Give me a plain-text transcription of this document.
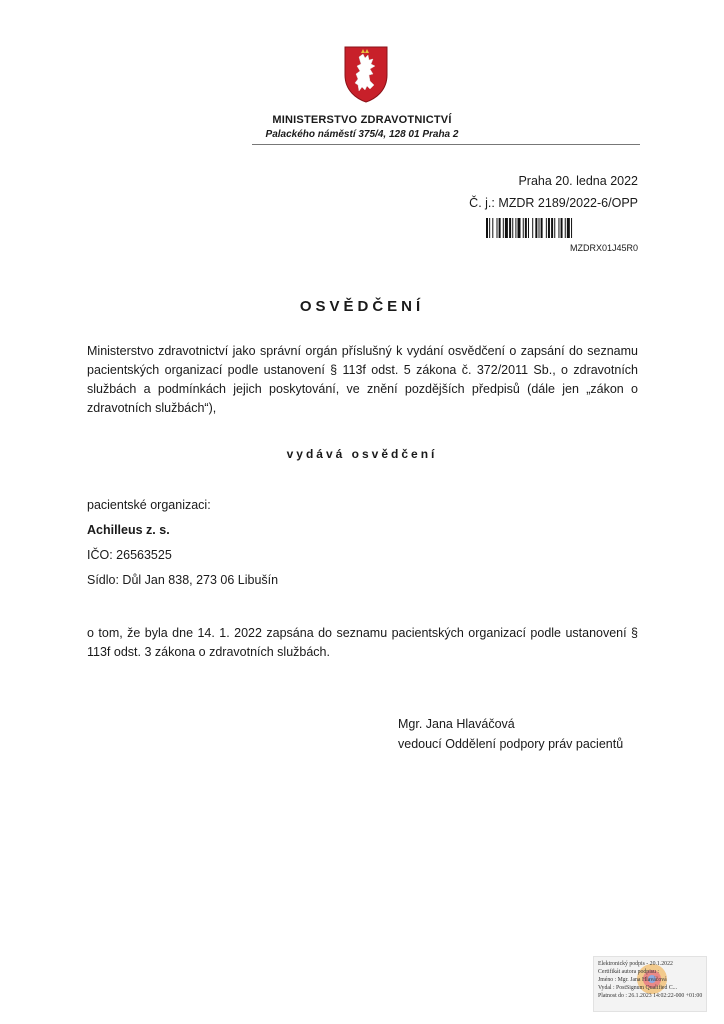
MINISTERSTVO ZDRAVOTNICTVÍ
Palackého náměstí 375/4, 128 01 Praha 2
Praha 20. ledna 2022
Č. j.: MZDR 2189/2022-6/OPP
MZDRX01J45R0
OSVĚDČENÍ
Ministerstvo zdravotnictví jako správní orgán příslušný k vydání osvědčení o zapsání do seznamu pacientských organizací podle ustanovení § 113f odst. 5 zákona č. 372/2011 Sb., o zdravotních službách a podmínkách jejich poskytování, ve znění pozdějších předpisů (dále jen „zákon o zdravotních službách“),
vydává osvědčení
pacientské organizaci:
Achilleus z. s.
IČO: 26563525
Sídlo: Důl Jan 838, 273 06 Libušín
o tom, že byla dne 14. 1. 2022 zapsána do seznamu pacientských organizací podle ustanovení § 113f odst. 3 zákona o zdravotních službách.
Mgr. Jana Hlaváčová
vedoucí Oddělení podpory práv pacientů
Elektronický podpis - 20.1.2022
Certifikát autora podpisu :
Jméno : Mgr. Jana Hlaváčová
Vydal : PostSignum Qualified C...
Platnost do : 26.1.2023 14:02:22-000 +01:00
